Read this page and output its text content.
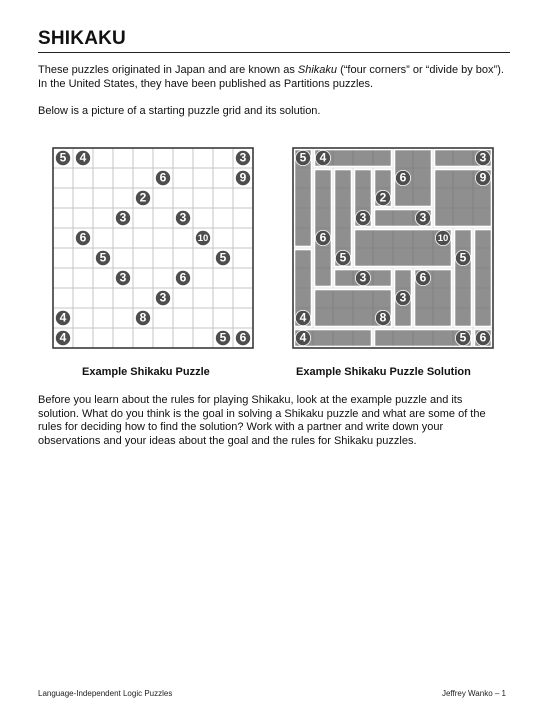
SHIKAKU
These puzzles originated in Japan and are known as Shikaku (“four corners” or “divide by box”). In the United States, they have been published as Partitions puzzles.
Below is a picture of a starting puzzle grid and its solution.
5 4	3
6	9
2
3	3
6	10
5	5
3	6
3
4	8
4	5 6
5 4	3
6	9
2
3	3
6	10
5	5
3	6
3
4	8
4	5 6
Example Shikaku Puzzle	Example Shikaku Puzzle Solution
Before you learn about the rules for playing Shikaku, look at the example puzzle and its solution. What do you think is the goal in solving a Shikaku puzzle and what are some of the rules for deciding how to find the solution? Work with a partner and write down your observations and your ideas about the goal and the rules for Shikaku puzzles.
Language-Independent Logic Puzzles	Jeffrey Wanko – 1
